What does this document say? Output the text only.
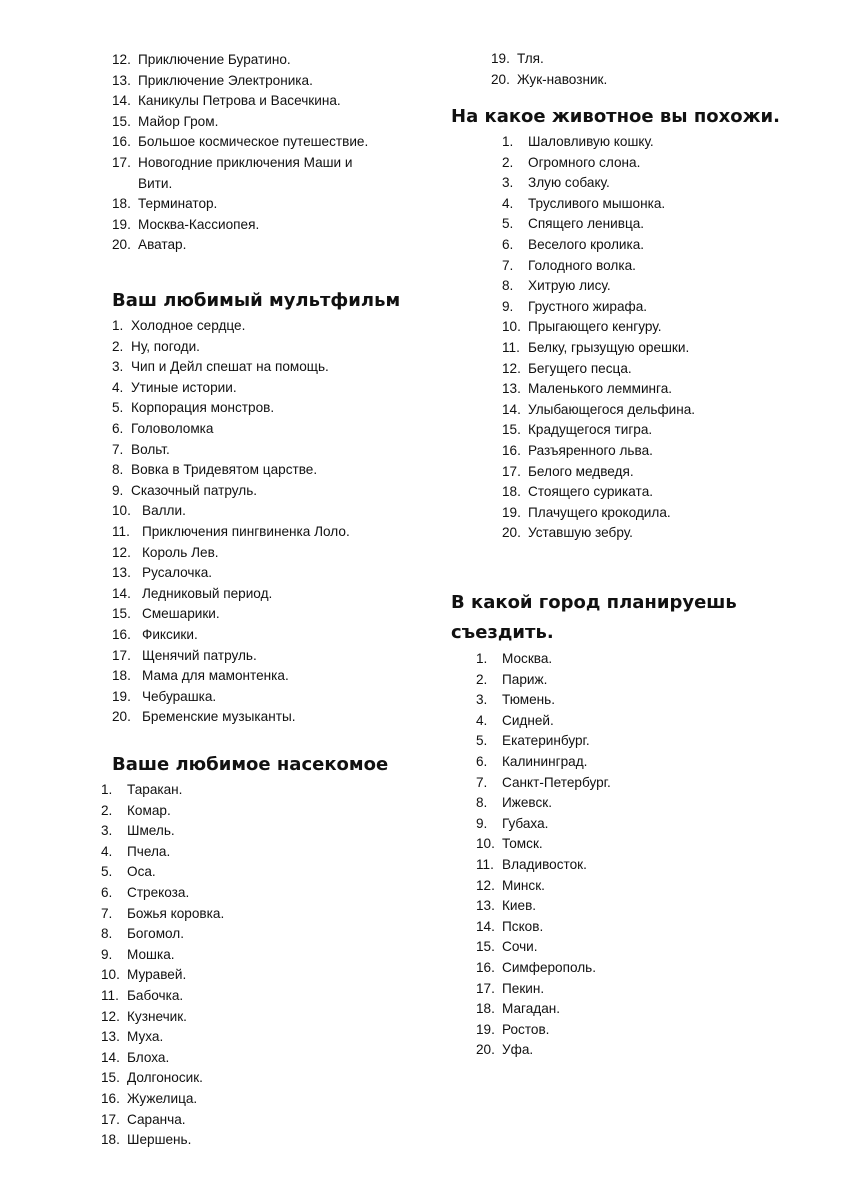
12. Приключение Буратино.
13. Приключение Электроника.
14. Каникулы Петрова и Васечкина.
15. Майор Гром.
16. Большое космическое путешествие.
17. Новогодние приключения Маши и
Вити.
18. Терминатор.
19. Москва-Кассиопея.
20. Аватар.
Ваш любимый мультфильм
1. Холодное сердце.
2. Ну, погоди.
3. Чип и Дейл спешат на помощь.
4. Утиные истории.
5. Корпорация монстров.
6. Головоломка
7. Вольт.
8. Вовка в Тридевятом царстве.
9. Сказочный патруль.
10. Валли.
11. Приключения пингвиненка Лоло.
12. Король Лев.
13. Русалочка.
14. Ледниковый период.
15. Смешарики.
16. Фиксики.
17. Щенячий патруль.
18. Мама для мамонтенка.
19. Чебурашка.
20. Бременские музыканты.
Ваше любимое насекомое
1. Таракан.
2. Комар.
3. Шмель.
4. Пчела.
5. Оса.
6. Стрекоза.
7. Божья коровка.
8. Богомол.
9. Мошка.
10. Муравей.
11. Бабочка.
12. Кузнечик.
13. Муха.
14. Блоха.
15. Долгоносик.
16. Жужелица.
17. Саранча.
18. Шершень.
19. Тля.
20. Жук-навозник.
На какое животное вы похожи.
1. Шаловливую кошку.
2. Огромного слона.
3. Злую собаку.
4. Трусливого мышонка.
5. Спящего ленивца.
6. Веселого кролика.
7. Голодного волка.
8. Хитрую лису.
9. Грустного жирафа.
10. Прыгающего кенгуру.
11. Белку, грызущую орешки.
12. Бегущего песца.
13. Маленького лемминга.
14. Улыбающегося дельфина.
15. Крадущегося тигра.
16. Разъяренного льва.
17. Белого медведя.
18. Стоящего сурикатa.
19. Плачущего крокодила.
20. Уставшую зебру.
В какой город планируешь
съездить.
1. Москва.
2. Париж.
3. Тюмень.
4. Сидней.
5. Екатеринбург.
6. Калининград.
7. Санкт-Петербург.
8. Ижевск.
9. Губаха.
10. Томск.
11. Владивосток.
12. Минск.
13. Киев.
14. Псков.
15. Сочи.
16. Симферополь.
17. Пекин.
18. Магадан.
19. Ростов.
20. Уфа.
